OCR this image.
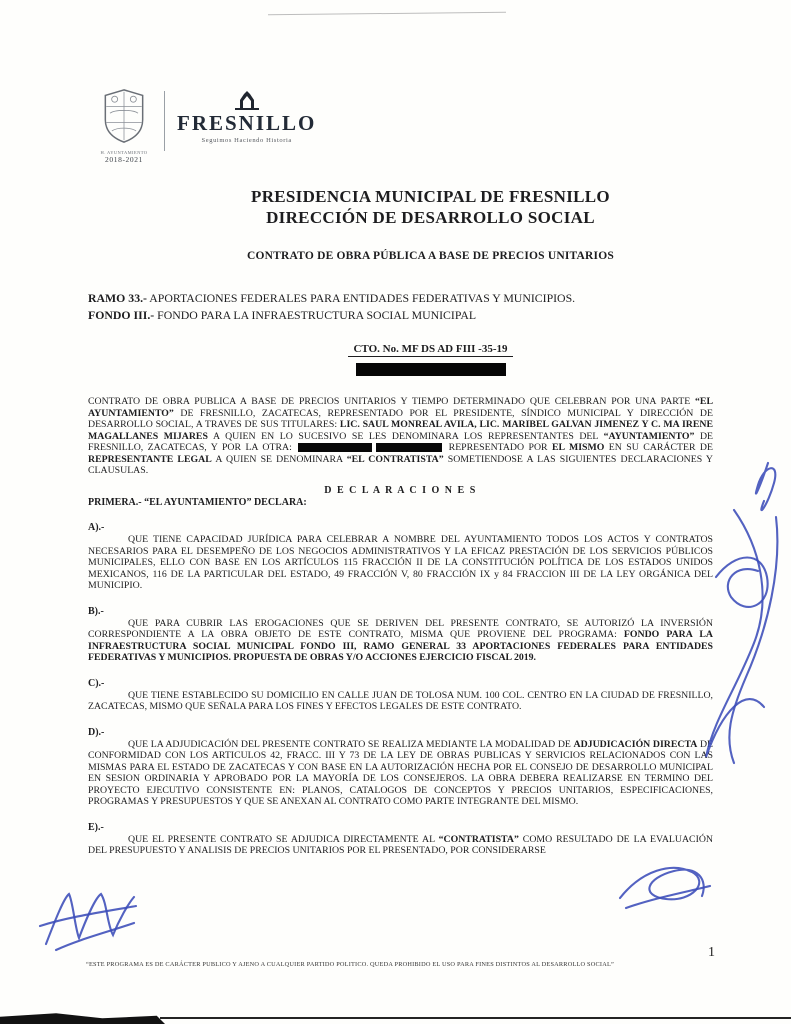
H. AYUNTAMIENTO
2018-2021
FRESNILLO
Seguimos Haciendo Historia
PRESIDENCIA MUNICIPAL DE FRESNILLO
DIRECCIÓN DE DESARROLLO SOCIAL
CONTRATO DE OBRA PÚBLICA A BASE DE PRECIOS UNITARIOS
RAMO 33.- APORTACIONES FEDERALES PARA ENTIDADES FEDERATIVAS Y MUNICIPIOS.
FONDO III.- FONDO PARA LA INFRAESTRUCTURA SOCIAL MUNICIPAL
CTO. No. MF DS AD FIII -35-19

CONTRATO DE OBRA PUBLICA A BASE DE PRECIOS UNITARIOS Y TIEMPO DETERMINADO QUE CELEBRAN POR UNA PARTE “EL AYUNTAMIENTO” DE FRESNILLO, ZACATECAS, REPRESENTADO POR EL PRESIDENTE, SÍNDICO MUNICIPAL Y DIRECCIÓN DE DESARROLLO SOCIAL, A TRAVES DE SUS TITULARES: LIC. SAUL MONREAL AVILA, LIC. MARIBEL GALVAN JIMENEZ Y C. MA IRENE MAGALLANES MIJARES A QUIEN EN LO SUCESIVO SE LES DENOMINARA LOS REPRESENTANTES DEL “AYUNTAMIENTO” DE FRESNILLO, ZACATECAS, Y POR LA OTRA:	REPRESENTADO POR EL MISMO EN SU CARÁCTER DE REPRESENTANTE LEGAL A QUIEN SE DENOMINARA “EL CONTRATISTA” SOMETIENDOSE A LAS SIGUIENTES DECLARACIONES Y CLAUSULAS.

D E C L A R A C I O N E S

PRIMERA.- “EL AYUNTAMIENTO” DECLARA:

A).-

QUE TIENE CAPACIDAD JURÍDICA PARA CELEBRAR A NOMBRE DEL AYUNTAMIENTO TODOS LOS ACTOS Y CONTRATOS NECESARIOS PARA EL DESEMPEÑO DE LOS NEGOCIOS ADMINISTRATIVOS Y LA EFICAZ PRESTACIÓN DE LOS SERVICIOS PÚBLICOS MUNICIPALES, ELLO CON BASE EN LOS ARTÍCULOS 115 FRACCIÓN II DE LA CONSTITUCIÓN POLÍTICA DE LOS ESTADOS UNIDOS MEXICANOS, 116 DE LA PARTICULAR DEL ESTADO, 49 FRACCIÓN V, 80 FRACCIÓN IX y 84 FRACCION III DE LA LEY ORGÁNICA DEL MUNICIPIO.

B).-

QUE PARA CUBRIR LAS EROGACIONES QUE SE DERIVEN DEL PRESENTE CONTRATO, SE AUTORIZÓ LA INVERSIÓN CORRESPONDIENTE A LA OBRA OBJETO DE ESTE CONTRATO, MISMA QUE PROVIENE DEL PROGRAMA: FONDO PARA LA INFRAESTRUCTURA SOCIAL MUNICIPAL FONDO III, RAMO GENERAL 33 APORTACIONES FEDERALES PARA ENTIDADES FEDERATIVAS Y MUNICIPIOS. PROPUESTA DE OBRAS Y/O ACCIONES EJERCICIO FISCAL 2019.

C).-

QUE TIENE ESTABLECIDO SU DOMICILIO EN CALLE JUAN DE TOLOSA NUM. 100 COL. CENTRO EN LA CIUDAD DE FRESNILLO, ZACATECAS, MISMO QUE SEÑALA PARA LOS FINES Y EFECTOS LEGALES DE ESTE CONTRATO.

D).-

QUE LA ADJUDICACIÓN DEL PRESENTE CONTRATO SE REALIZA MEDIANTE LA MODALIDAD DE ADJUDICACIÓN DIRECTA DE CONFORMIDAD CON LOS ARTICULOS 42, FRACC. III Y 73 DE LA LEY DE OBRAS PUBLICAS Y SERVICIOS RELACIONADOS CON LAS MISMAS PARA EL ESTADO DE ZACATECAS Y CON BASE EN LA AUTORIZACIÓN HECHA POR EL CONSEJO DE DESARROLLO MUNICIPAL EN SESION ORDINARIA Y APROBADO POR LA MAYORÍA DE LOS CONSEJEROS. LA OBRA DEBERA REALIZARSE EN TERMINO DEL PROYECTO EJECUTIVO CONSISTENTE EN: PLANOS, CATALOGOS DE CONCEPTOS Y PRECIOS UNITARIOS, ESPECIFICACIONES, PROGRAMAS Y PRESUPUESTOS Y QUE SE ANEXAN AL CONTRATO COMO PARTE INTEGRANTE DEL MISMO.

E).-

QUE EL PRESENTE CONTRATO SE ADJUDICA DIRECTAMENTE AL “CONTRATISTA” COMO RESULTADO DE LA EVALUACIÓN DEL PRESUPUESTO Y ANALISIS DE PRECIOS UNITARIOS POR EL PRESENTADO, POR CONSIDERARSE

“ESTE PROGRAMA ES DE CARÁCTER PUBLICO Y AJENO A CUALQUIER PARTIDO POLITICO. QUEDA PROHIBIDO EL USO PARA FINES DISTINTOS AL DESARROLLO SOCIAL”
1
